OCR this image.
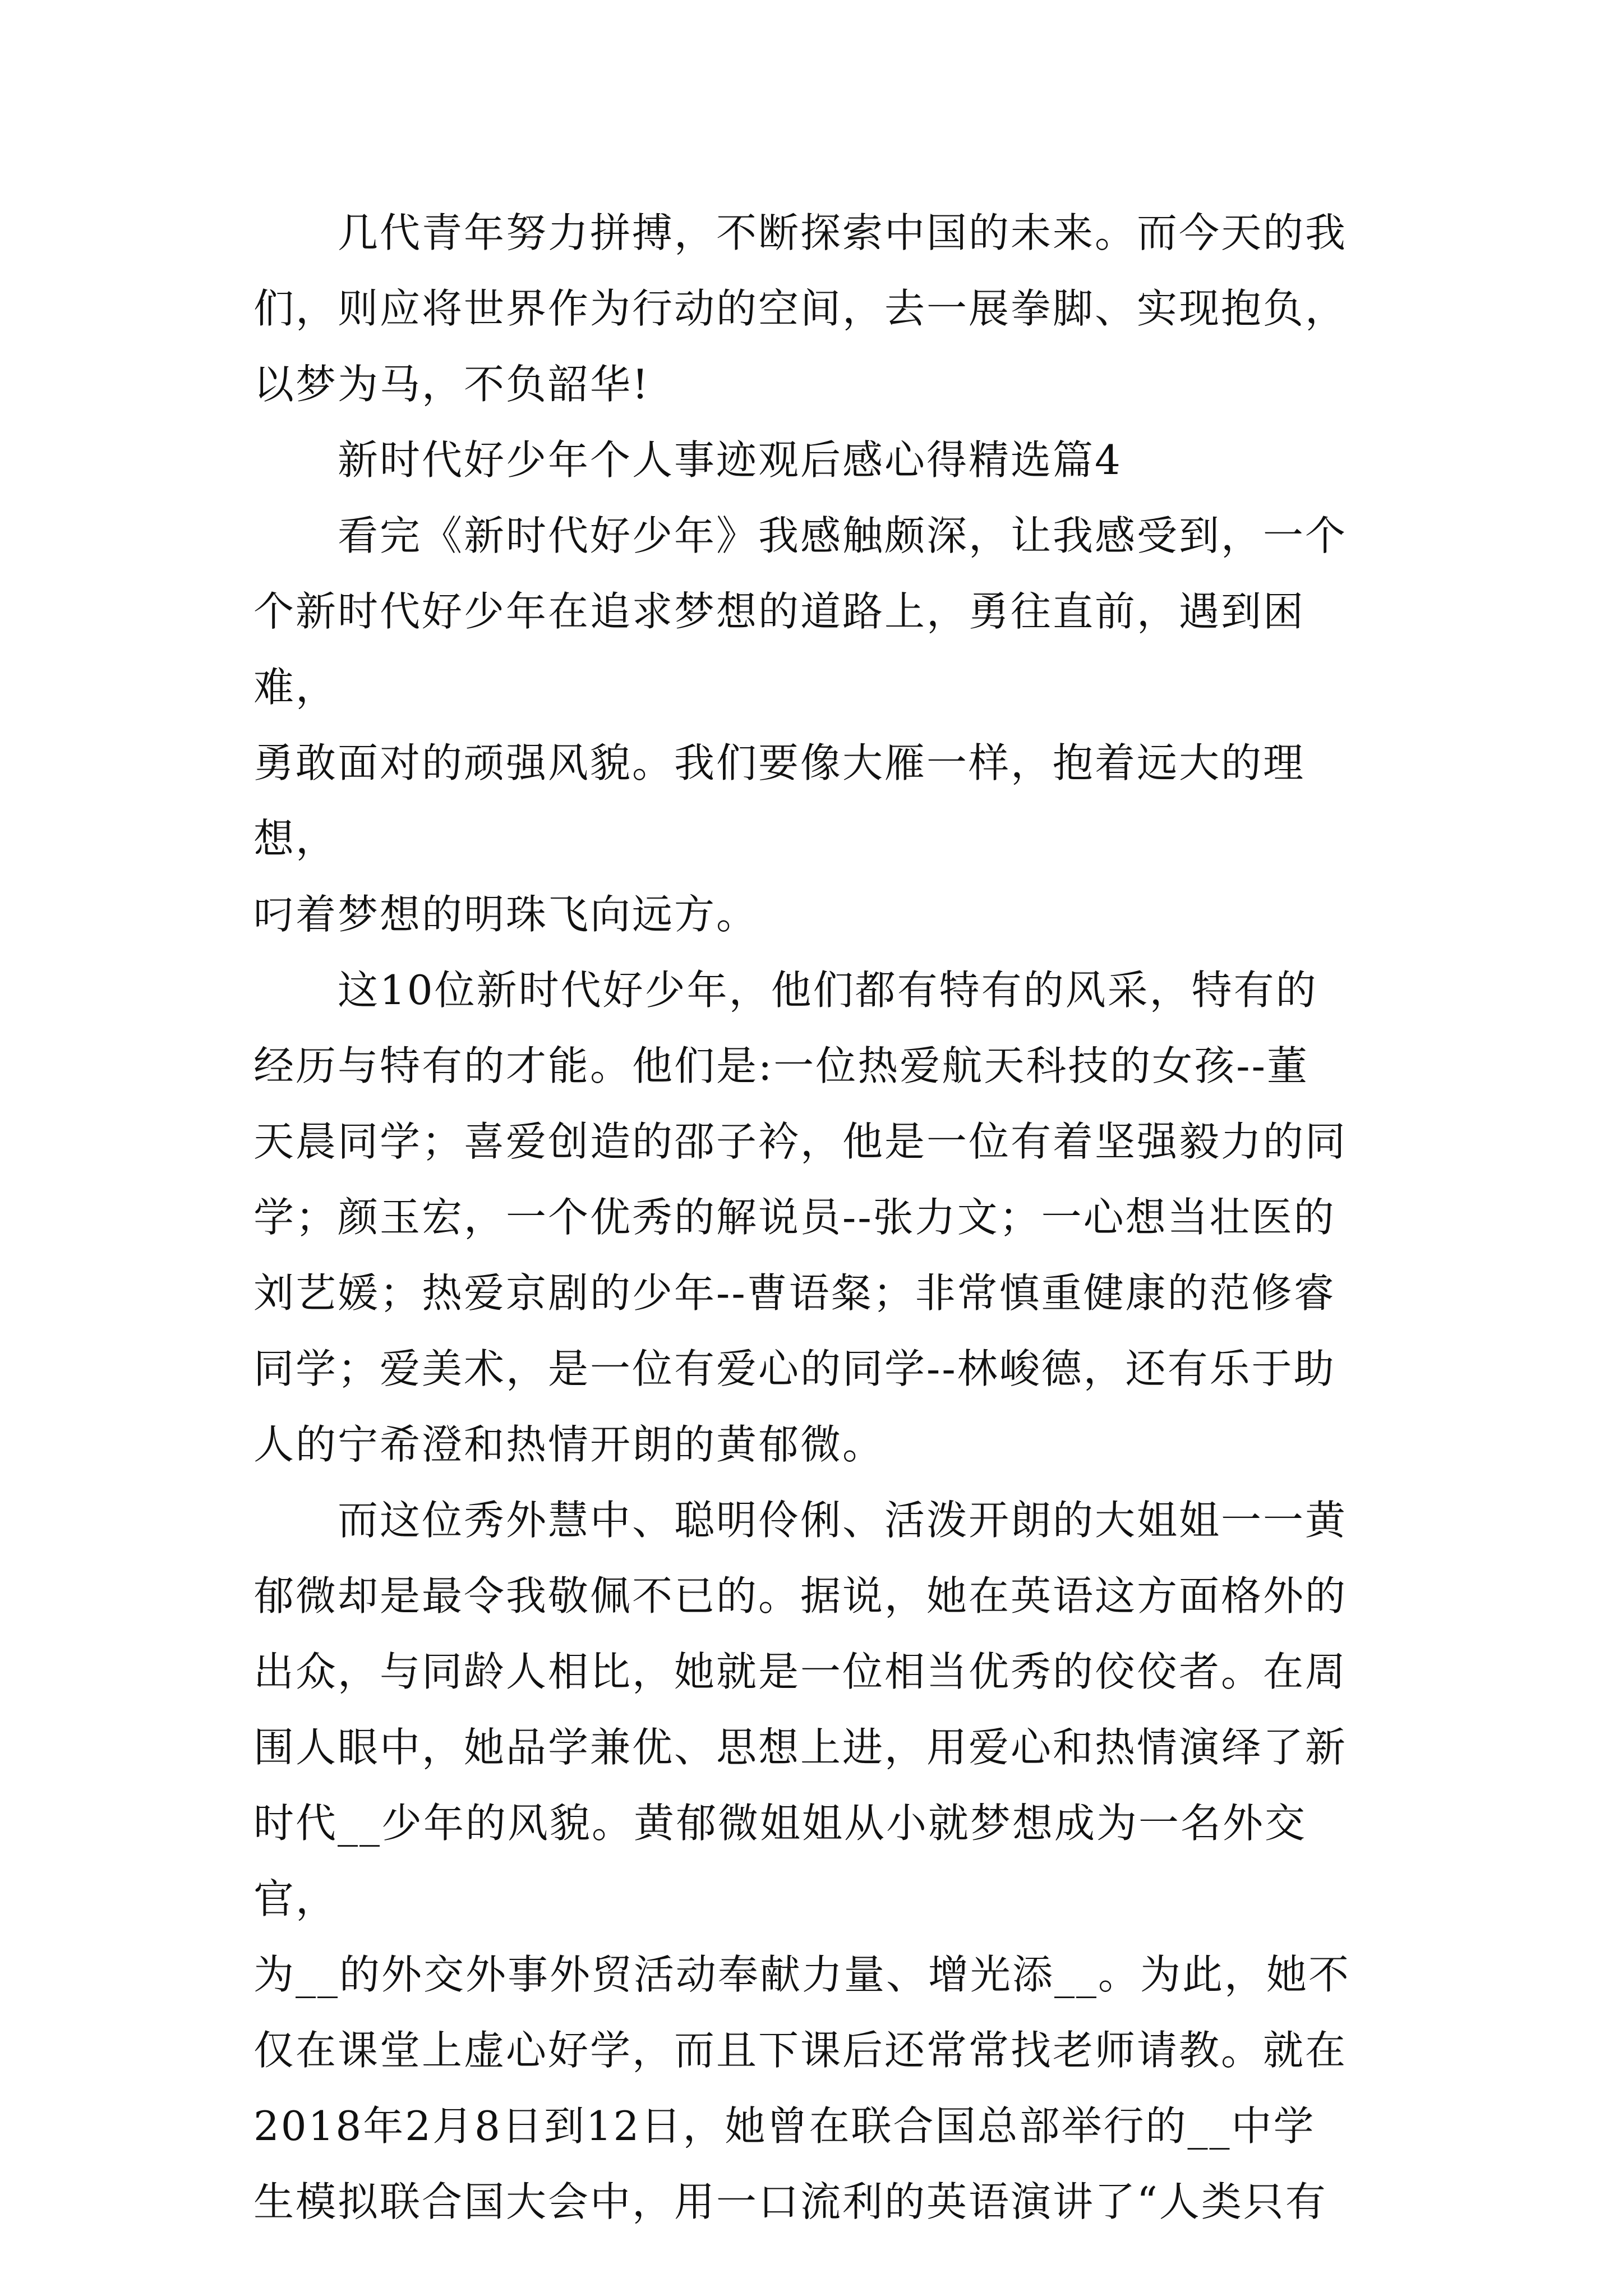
几代青年努力拼搏，不断探索中国的未来。而今天的我
们，则应将世界作为行动的空间，去一展拳脚、实现抱负，
以梦为马，不负韶华!

新时代好少年个人事迹观后感心得精选篇4

看完《新时代好少年》我感触颇深，让我感受到，一个
个新时代好少年在追求梦想的道路上，勇往直前，遇到困难，
勇敢面对的顽强风貌。我们要像大雁一样，抱着远大的理想，
叼着梦想的明珠飞向远方。

这10位新时代好少年，他们都有特有的风采，特有的
经历与特有的才能。他们是:一位热爱航天科技的女孩--董
天晨同学；喜爱创造的邵子衿，他是一位有着坚强毅力的同
学；颜玉宏，一个优秀的解说员--张力文；一心想当壮医的
刘艺媛；热爱京剧的少年--曹语粲；非常慎重健康的范修睿
同学；爱美术，是一位有爱心的同学--林峻德，还有乐于助
人的宁希澄和热情开朗的黄郁微。

而这位秀外慧中、聪明伶俐、活泼开朗的大姐姐一一黄
郁微却是最令我敬佩不已的。据说，她在英语这方面格外的
出众，与同龄人相比，她就是一位相当优秀的佼佼者。在周
围人眼中，她品学兼优、思想上进，用爱心和热情演绎了新
时代__少年的风貌。黄郁微姐姐从小就梦想成为一名外交官，
为__的外交外事外贸活动奉献力量、增光添__。为此，她不
仅在课堂上虚心好学，而且下课后还常常找老师请教。就在
2018年2月8日到12日，她曾在联合国总部举行的__中学
生模拟联合国大会中，用一口流利的英语演讲了“人类只有
